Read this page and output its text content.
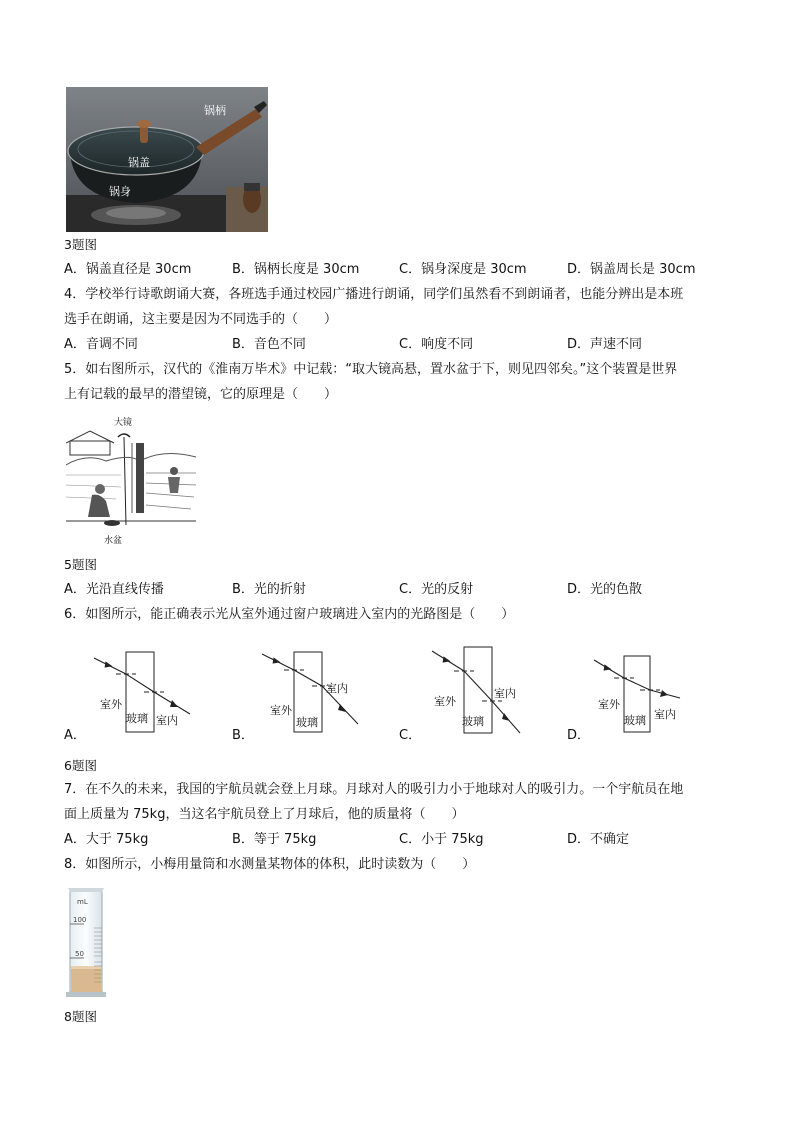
锅柄
锅盖
锅身
3题图
A．锅盖直径是 30cm	B．锅柄长度是 30cm	C．锅身深度是 30cm	D．锅盖周长是 30cm
4．学校举行诗歌朗诵大赛，各班选手通过校园广播进行朗诵，同学们虽然看不到朗诵者，也能分辨出是本班
选手在朗诵，这主要是因为不同选手的（　　）
A．音调不同	B．音色不同	C．响度不同	D．声速不同
5．如右图所示，汉代的《淮南万毕术》中记载：“取大镜高悬，置水盆于下，则见四邻矣。”这个装置是世界
上有记载的最早的潜望镜，它的原理是（　　）
大镜
水盆
5题图
A．光沿直线传播	B．光的折射	C．光的反射	D．光的色散
6．如图所示，能正确表示光从室外通过窗户玻璃进入室内的光路图是（　　）
A．
室外
玻璃 室内
B．
室外
玻璃
室内
C．
室外
玻璃
室内
D．
室外
玻璃 室内
6题图
7．在不久的未来，我国的宇航员就会登上月球。月球对人的吸引力小于地球对人的吸引力。一个宇航员在地
面上质量为 75kg，当这名宇航员登上了月球后，他的质量将（　　）
A．大于 75kg	B．等于 75kg	C．小于 75kg	D．不确定
8．如图所示，小梅用量筒和水测量某物体的体积，此时读数为（　　）
mL
100
50
8题图
